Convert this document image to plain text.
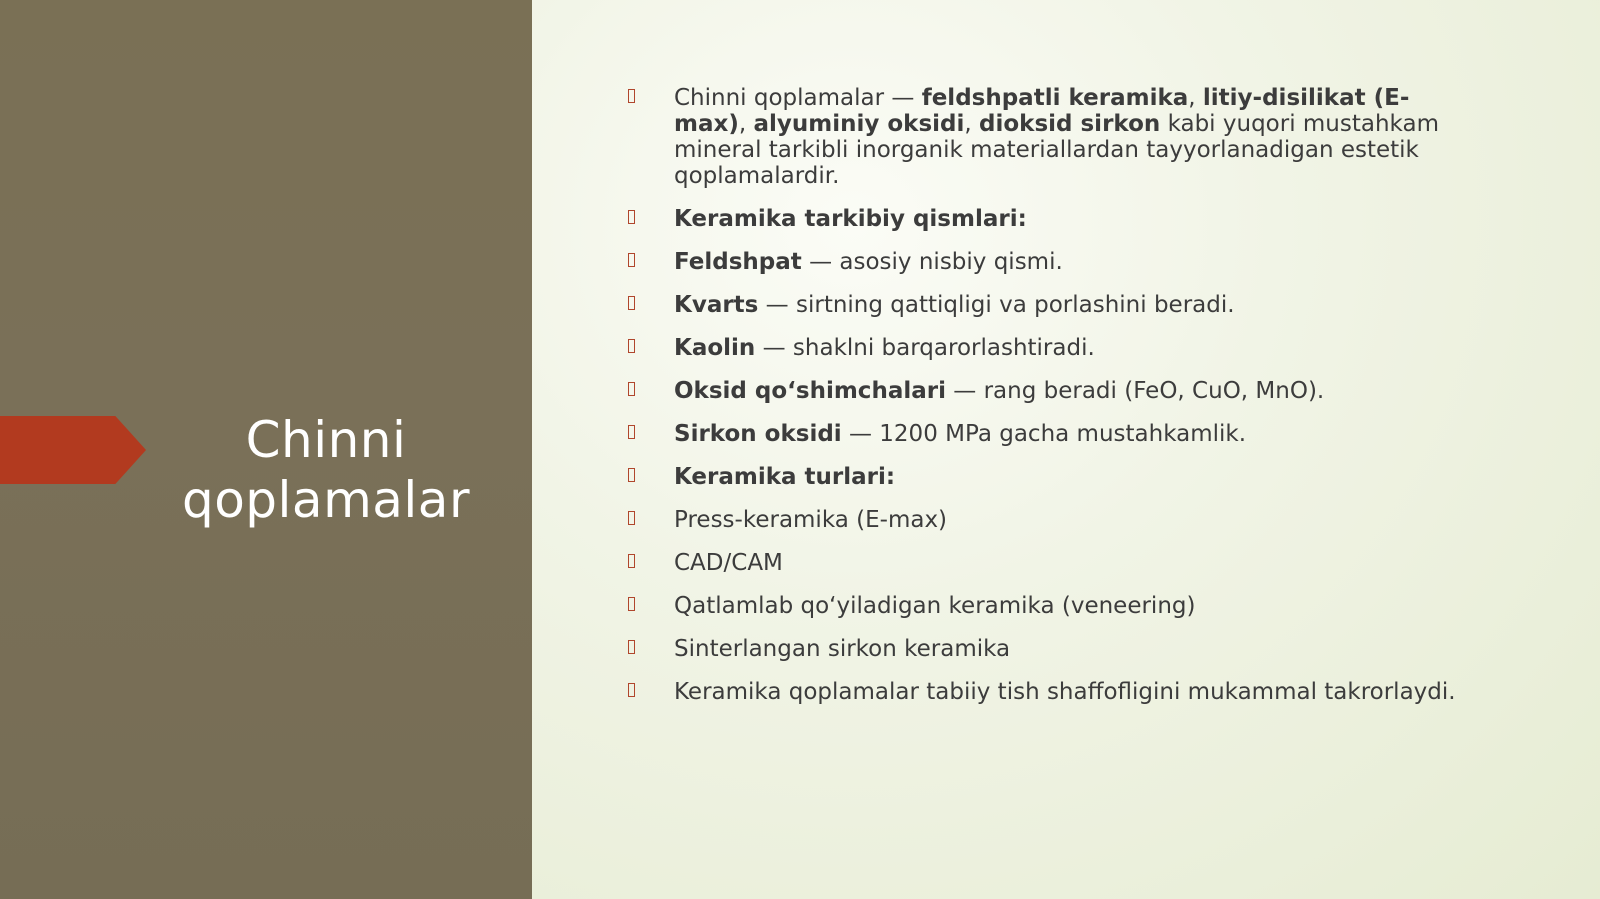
Chinni
qoplamalar
Chinni qoplamalar — feldshpatli keramika, litiy-disilikat (E-max), alyuminiy oksidi, dioksid sirkon kabi yuqori mustahkam mineral tarkibli inorganik materiallardan tayyorlanadigan estetik qoplamalardir.
Keramika tarkibiy qismlari:
Feldshpat — asosiy nisbiy qismi.
Kvarts — sirtning qattiqligi va porlashini beradi.
Kaolin — shaklni barqarorlashtiradi.
Oksid qo‘shimchalari — rang beradi (FeO, CuO, MnO).
Sirkon oksidi — 1200 MPa gacha mustahkamlik.
Keramika turlari:
Press-keramika (E-max)
CAD/CAM
Qatlamlab qo‘yiladigan keramika (veneering)
Sinterlangan sirkon keramika
Keramika qoplamalar tabiiy tish shaffofligini mukammal takrorlaydi.
